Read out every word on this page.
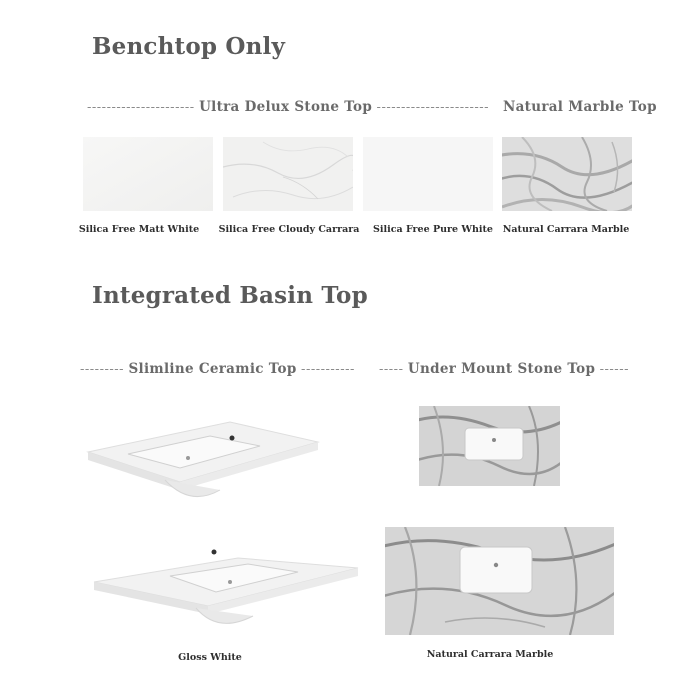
Benchtop Only
---------------------- Ultra Delux Stone Top ----------------------- Natural Marble Top
Silica Free Matt White	Silica Free Cloudy Carrara	Silica Free Pure White	Natural Carrara Marble
Integrated Basin Top
--------- Slimline Ceramic Top ----------- ----- Under Mount Stone Top ------
Gloss White	Natural Carrara Marble
